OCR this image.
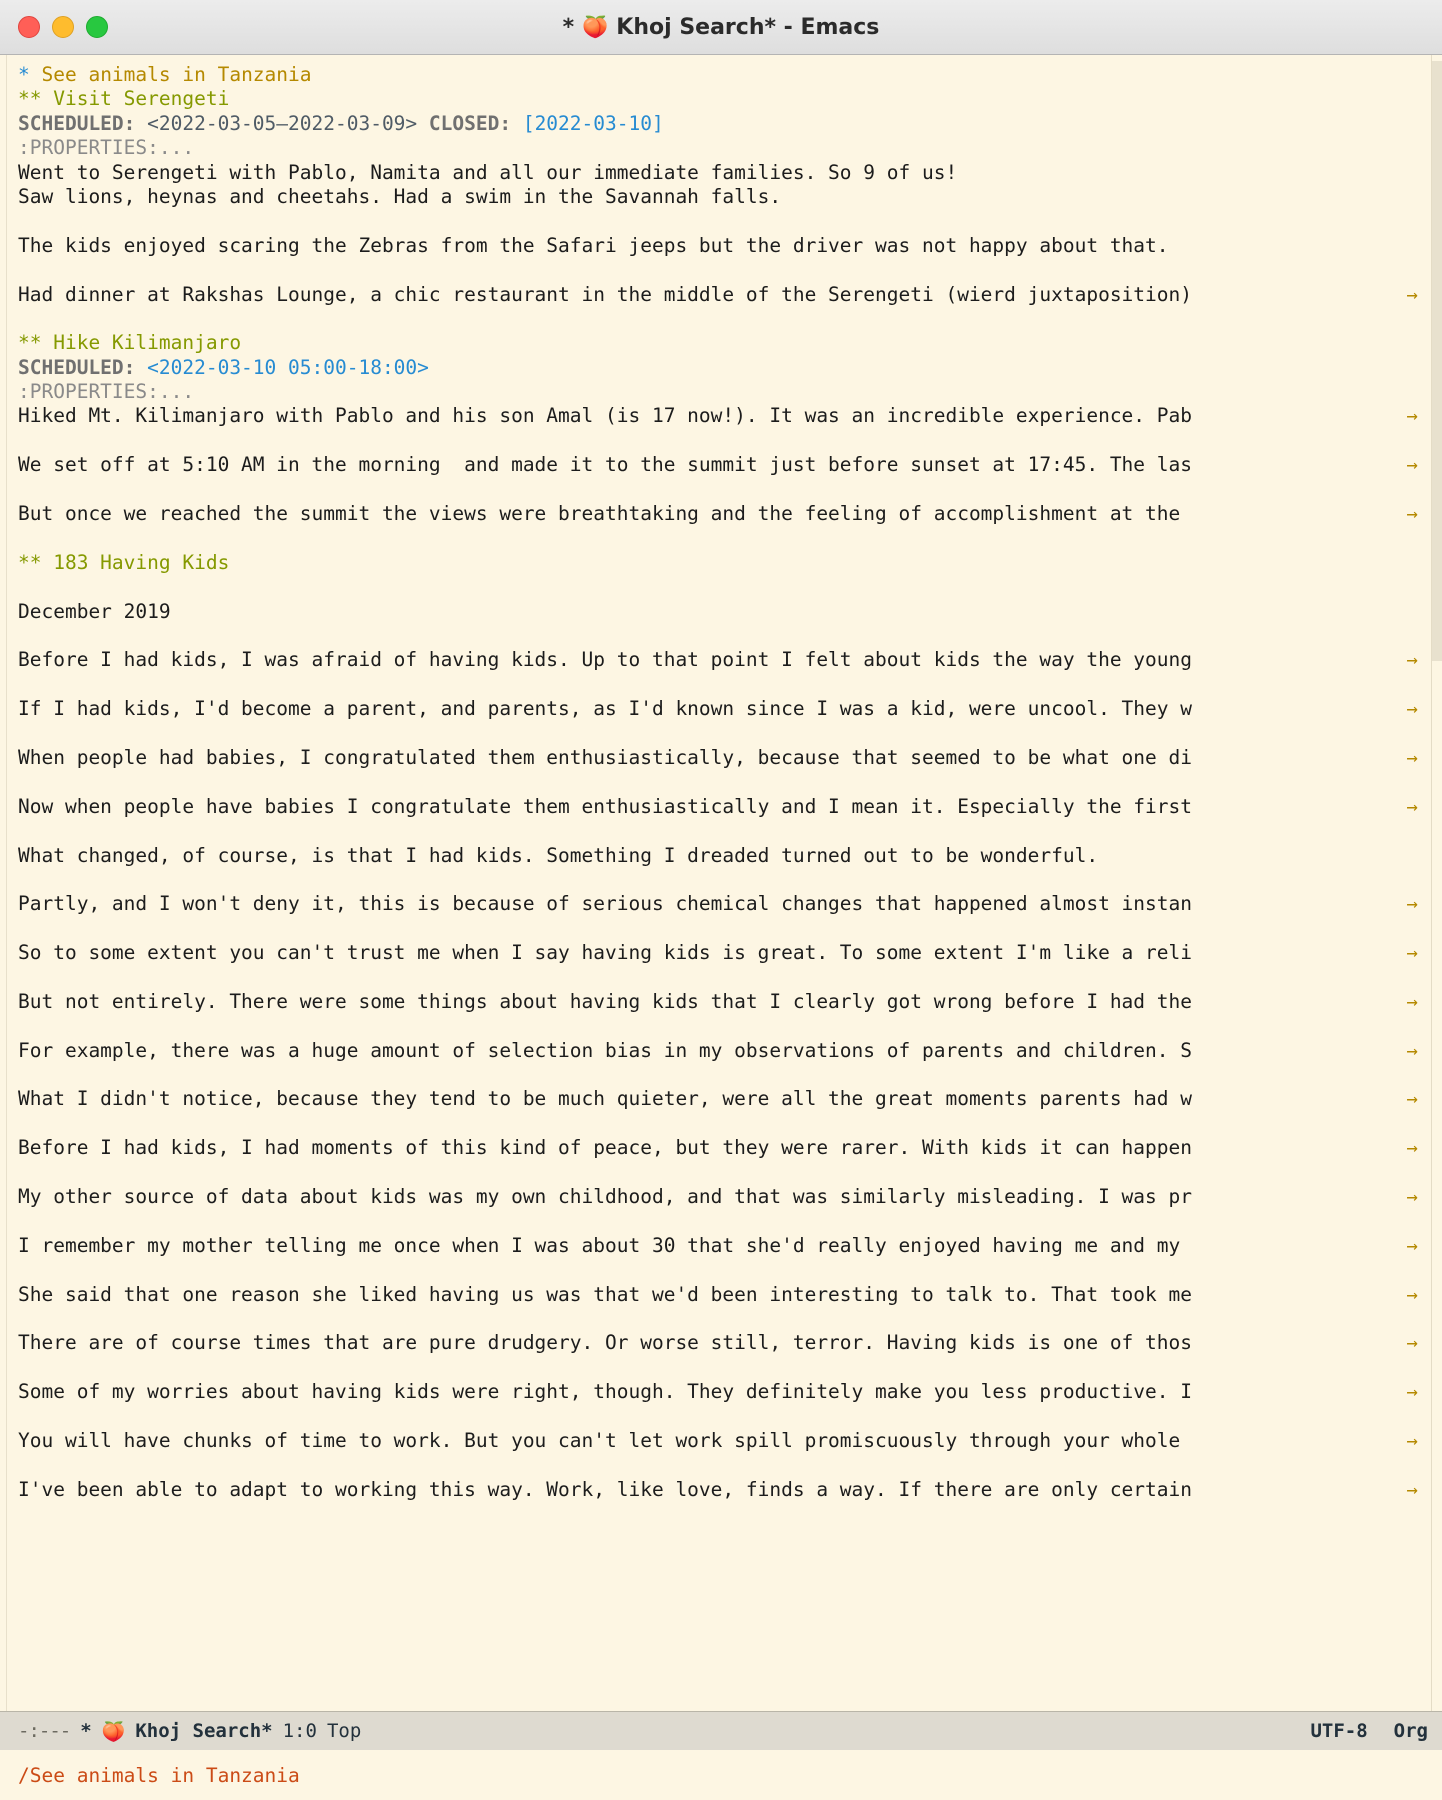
* 🍑 Khoj Search* - Emacs
* See animals in Tanzania
** Visit Serengeti
SCHEDULED: <2022-03-05–2022-03-09> CLOSED: [2022-03-10]
:PROPERTIES:...
Went to Serengeti with Pablo, Namita and all our immediate families. So 9 of us!
Saw lions, heynas and cheetahs. Had a swim in the Savannah falls.

The kids enjoyed scaring the Zebras from the Safari jeeps but the driver was not happy about that.

Had dinner at Rakshas Lounge, a chic restaurant in the middle of the Serengeti (wierd juxtaposition)	→

** Hike Kilimanjaro
SCHEDULED: <2022-03-10 05:00-18:00>
:PROPERTIES:...
Hiked Mt. Kilimanjaro with Pablo and his son Amal (is 17 now!). It was an incredible experience. Pab	→

We set off at 5:10 AM in the morning  and made it to the summit just before sunset at 17:45. The las	→

But once we reached the summit the views were breathtaking and the feeling of accomplishment at the	→

** 183 Having Kids

December 2019

Before I had kids, I was afraid of having kids. Up to that point I felt about kids the way the young	→

If I had kids, I'd become a parent, and parents, as I'd known since I was a kid, were uncool. They w	→

When people had babies, I congratulated them enthusiastically, because that seemed to be what one di	→

Now when people have babies I congratulate them enthusiastically and I mean it. Especially the first	→

What changed, of course, is that I had kids. Something I dreaded turned out to be wonderful.

Partly, and I won't deny it, this is because of serious chemical changes that happened almost instan	→

So to some extent you can't trust me when I say having kids is great. To some extent I'm like a reli	→

But not entirely. There were some things about having kids that I clearly got wrong before I had the	→

For example, there was a huge amount of selection bias in my observations of parents and children. S	→

What I didn't notice, because they tend to be much quieter, were all the great moments parents had w	→

Before I had kids, I had moments of this kind of peace, but they were rarer. With kids it can happen	→

My other source of data about kids was my own childhood, and that was similarly misleading. I was pr	→

I remember my mother telling me once when I was about 30 that she'd really enjoyed having me and my	→

She said that one reason she liked having us was that we'd been interesting to talk to. That took me	→

There are of course times that are pure drudgery. Or worse still, terror. Having kids is one of thos	→

Some of my worries about having kids were right, though. They definitely make you less productive. I	→

You will have chunks of time to work. But you can't let work spill promiscuously through your whole	→

I've been able to adapt to working this way. Work, like love, finds a way. If there are only certain	→
-:--- * 🍑 Khoj Search* 1:0 Top	UTF-8 Org
/See animals in Tanzania
